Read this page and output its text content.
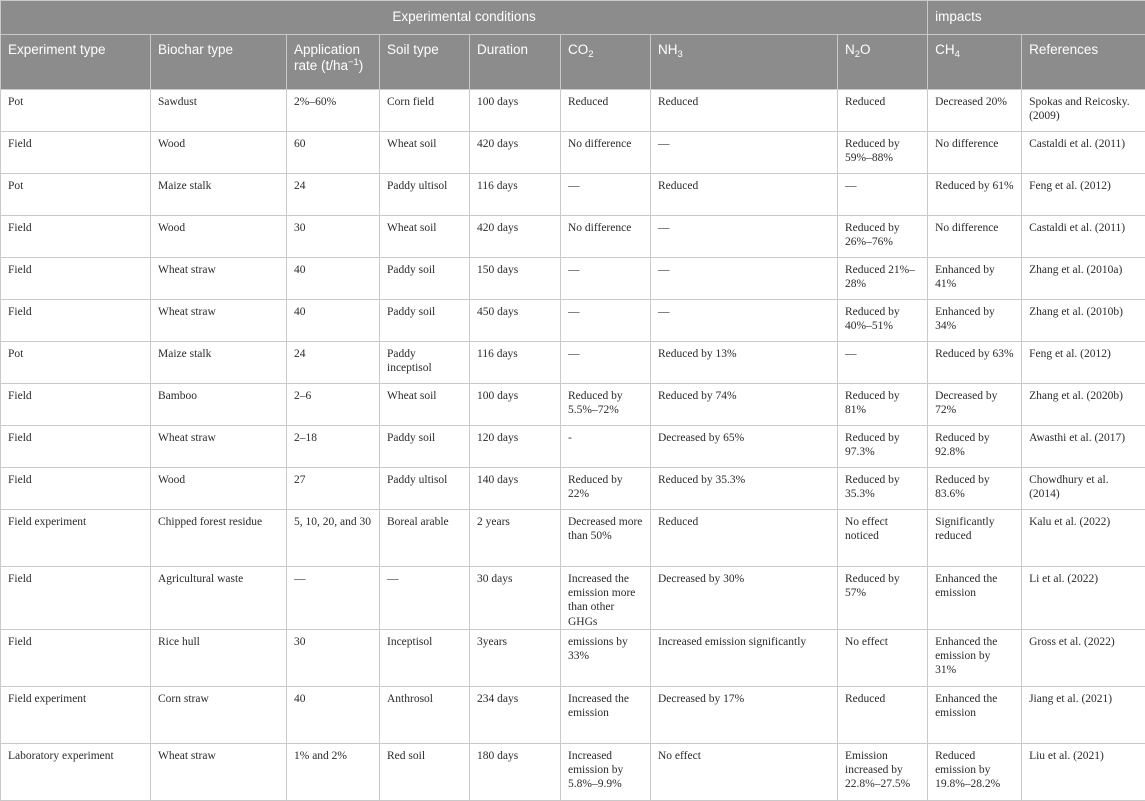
Experimental conditions								impacts	
Experiment type	Biochar type	Application rate $(t/ha^{-1})$	Soil type	Duration	$CO_2$	$NH_3$	$N_2O$	$CH_4$	References
Pot	Sawdust	2%–60%	Corn field	100 days	Reduced	Reduced	Reduced	Decreased 20%	Spokas and Reicosky. (2009)
Field	Wood	60	Wheat soil	420 days	No difference	—	Reduced by 59%–88%	No difference	Castaldi et al. (2011)
Pot	Maize stalk	24	Paddy ultisol	116 days	—	Reduced	—	Reduced by 61%	Feng et al. (2012)
Field	Wood	30	Wheat soil	420 days	No difference	—	Reduced by 26%–76%	No difference	Castaldi et al. (2011)
Field	Wheat straw	40	Paddy soil	150 days	—	—	Reduced 21%–28%	Enhanced by 41%	Zhang et al. (2010a)
Field	Wheat straw	40	Paddy soil	450 days	—	—	Reduced by 40%–51%	Enhanced by 34%	Zhang et al. (2010b)
Pot	Maize stalk	24	Paddy inceptisol	116 days	—	Reduced by 13%	—	Reduced by 63%	Feng et al. (2012)
Field	Bamboo	2–6	Wheat soil	100 days	Reduced by 5.5%–72%	Reduced by 74%	Reduced by 81%	Decreased by 72%	Zhang et al. (2020b)
Field	Wheat straw	2–18	Paddy soil	120 days	-	Decreased by 65%	Reduced by 97.3%	Reduced by 92.8%	Awasthi et al. (2017)
Field	Wood	27	Paddy ultisol	140 days	Reduced by 22%	Reduced by 35.3%	Reduced by 35.3%	Reduced by 83.6%	Chowdhury et al. (2014)
Field experiment	Chipped forest residue	5, 10, 20, and 30	Boreal arable	2 years	Decreased more than 50%	Reduced	No effect noticed	Significantly reduced	Kalu et al. (2022)
Field	Agricultural waste	—	—	30 days	Increased the emission more than other GHGs	Decreased by 30%	Reduced by 57%	Enhanced the emission	Li et al. (2022)
Field	Rice hull	30	Inceptisol	3years	emissions by 33%	Increased emission significantly	No effect	Enhanced the emission by 31%	Gross et al. (2022)
Field experiment	Corn straw	40	Anthrosol	234 days	Increased the emission	Decreased by 17%	Reduced	Enhanced the emission	Jiang et al. (2021)
Laboratory experiment	Wheat straw	1% and 2%	Red soil	180 days	Increased emission by 5.8%–9.9%	No effect	Emission increased by 22.8%–27.5%	Reduced emission by 19.8%–28.2%	Liu et al. (2021)
